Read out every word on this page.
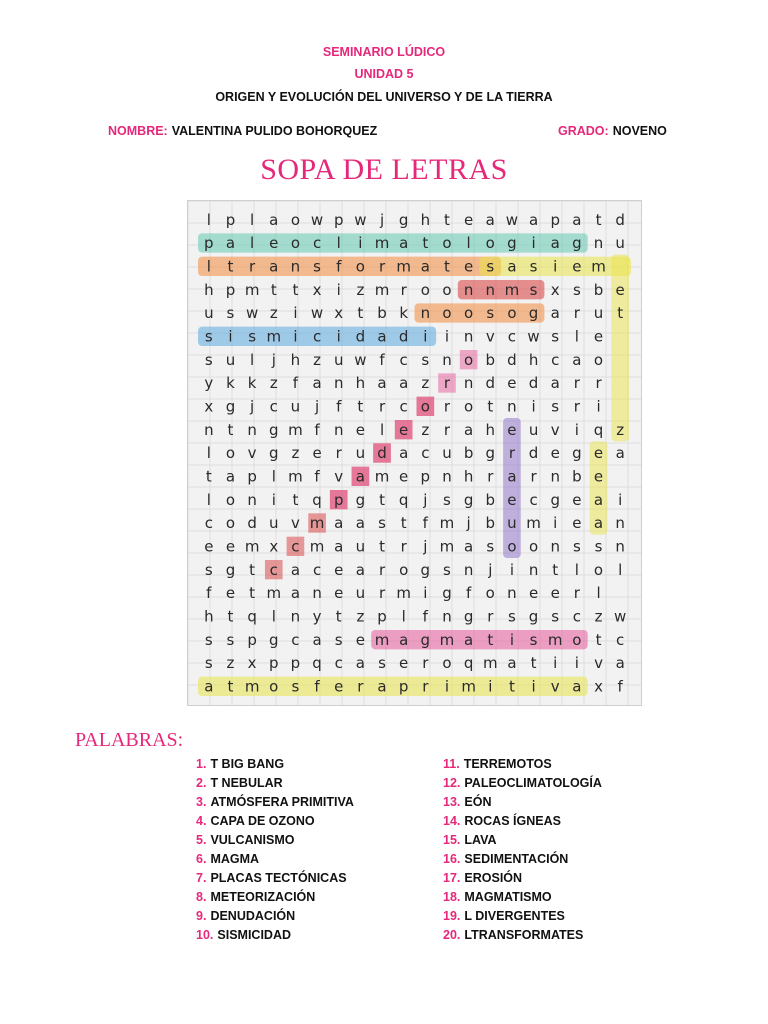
SEMINARIO LÚDICO
UNIDAD 5
ORIGEN Y EVOLUCIÓN DEL UNIVERSO Y DE LA TIERRA
NOMBRE: VALENTINA PULIDO BOHORQUEZ	GRADO: NOVENO
SOPA DE LETRAS
l p l a o w p w j g h t e a w a p a t d
p a l e o c l i m a t o l o g i a g n u
l t r a n s f o r m a t e s a s i e m
h p m t t x i z m r o o n n m s x s b e
u s w z i w x t b k n o o s o g a r u t
s i s m i c i d a d i i n v c w s l e
s u l j h z u w f c s n o b d h c a o
y k k z f a n h a a z r n d e d a r r
x g j c u j f t r c o r o t n i s r i
n t n g m f n e l e z r a h e u v i q z
l o v g z e r u d a c u b g r d e g e a
t a p l m f v a m e p n h r a r n b e
l o n i t q p g t q j s g b e c g e a i
c o d u v m a a s t f m j b u m i e a n
e e m x c m a u t r j m a s o o n s s n
s g t c a c e a r o g s n j i n t l o l
f e t m a n e u r m i g f o n e e r l
h t q l n y t z p l f n g r s g s c z w
s s p g c a s e m a g m a t i s m o t c
s z x p p q c a s e r o q m a t i i v a
a t m o s f e r a p r i m i t i v a x f
PALABRAS:
1. T BIG BANG
2. T NEBULAR
3. ATMÓSFERA PRIMITIVA
4. CAPA DE OZONO
5. VULCANISMO
6. MAGMA
7. PLACAS TECTÓNICAS
8. METEORIZACIÓN
9. DENUDACIÓN
10. SISMICIDAD
11. TERREMOTOS
12. PALEOCLIMATOLOGÍA
13. EÓN
14. ROCAS ÍGNEAS
15. LAVA
16. SEDIMENTACIÓN
17. EROSIÓN
18. MAGMATISMO
19. L DIVERGENTES
20. LTRANSFORMATES
